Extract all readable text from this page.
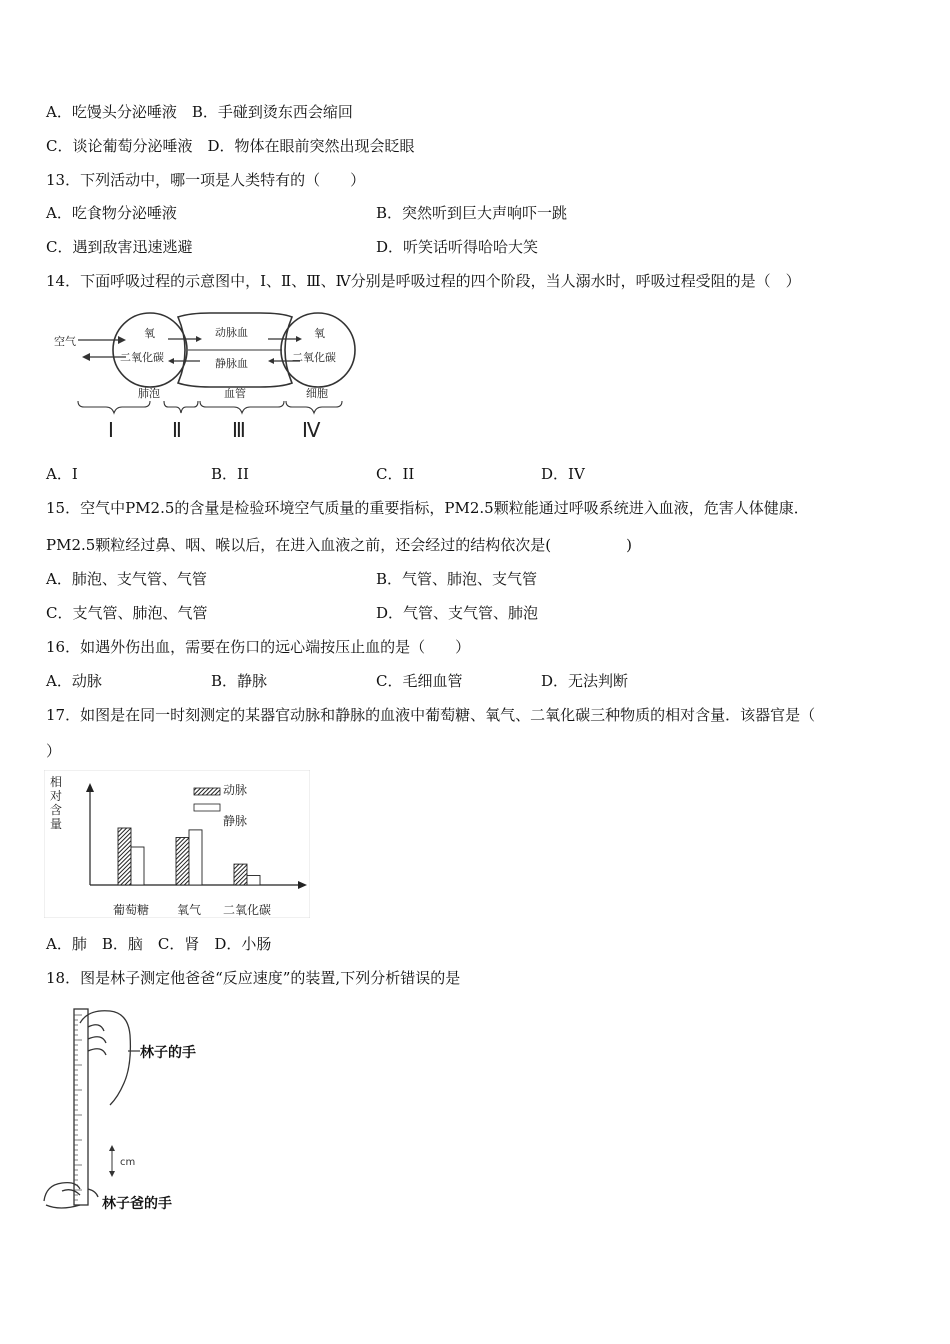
A．吃馒头分泌唾液　B．手碰到烫东西会缩回
C．谈论葡萄分泌唾液　D．物体在眼前突然出现会眨眼
13．下列活动中，哪一项是人类特有的（　　）
A．吃食物分泌唾液	B．突然听到巨大声响吓一跳
C．遇到敌害迅速逃避	D．听笑话听得哈哈大笑
14．下面呼吸过程的示意图中，Ⅰ、Ⅱ、Ⅲ、Ⅳ分别是呼吸过程的四个阶段，当人溺水时，呼吸过程受阻的是（　）
空气
氧
二氧化碳
动脉血
静脉血
氧
二氧化碳
肺泡	血管	细胞
Ⅰ	Ⅱ	Ⅲ	Ⅳ
A．I	B．II	C．II	D．IV
15．空气中PM2.5的含量是检验环境空气质量的重要指标，PM2.5颗粒能通过呼吸系统进入血液，危害人体健康．
PM2.5颗粒经过鼻、咽、喉以后，在进入血液之前，还会经过的结构依次是(　　　　　)
A．肺泡、支气管、气管	B．气管、肺泡、支气管
C．支气管、肺泡、气管	D．气管、支气管、肺泡
16．如遇外伤出血，需要在伤口的远心端按压止血的是（　　）
A．动脉	B．静脉	C．毛细血管	D．无法判断
17．如图是在同一时刻测定的某器官动脉和静脉的血液中葡萄糖、氧气、二氧化碳三种物质的相对含量．该器官是（
）
相
对
含
量
动脉
静脉
葡萄糖 氧气 二氧化碳
A．肺　B．脑　C．肾　D．小肠
18．图是林子测定他爸爸“反应速度”的装置,下列分析错误的是
林子的手
cm
林子爸的手
